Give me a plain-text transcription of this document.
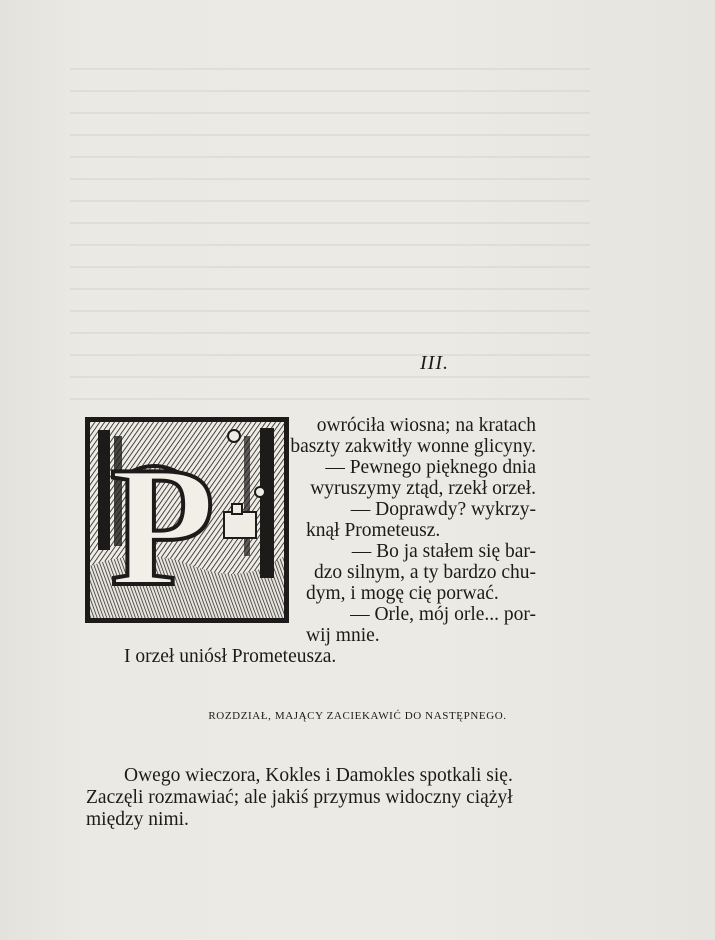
III.
P
owróciła wiosna; na kratach
baszty zakwitły wonne glicyny.
— Pewnego pięknego dnia
wyruszymy ztąd, rzekł orzeł.
— Doprawdy? wykrzy-
knął Prometeusz.
— Bo ja stałem się bar-
dzo silnym, a ty bardzo chu-
dym, i mogę cię porwać.
— Orle, mój orle... por-
wij mnie.
I orzeł uniósł Prometeusza.
ROZDZIAŁ, MAJĄCY ZACIEKAWIĆ DO NASTĘPNEGO.
Owego wieczora, Kokles i Damokles spotkali się.
Zaczęli rozmawiać; ale jakiś przymus widoczny ciążył
między nimi.
